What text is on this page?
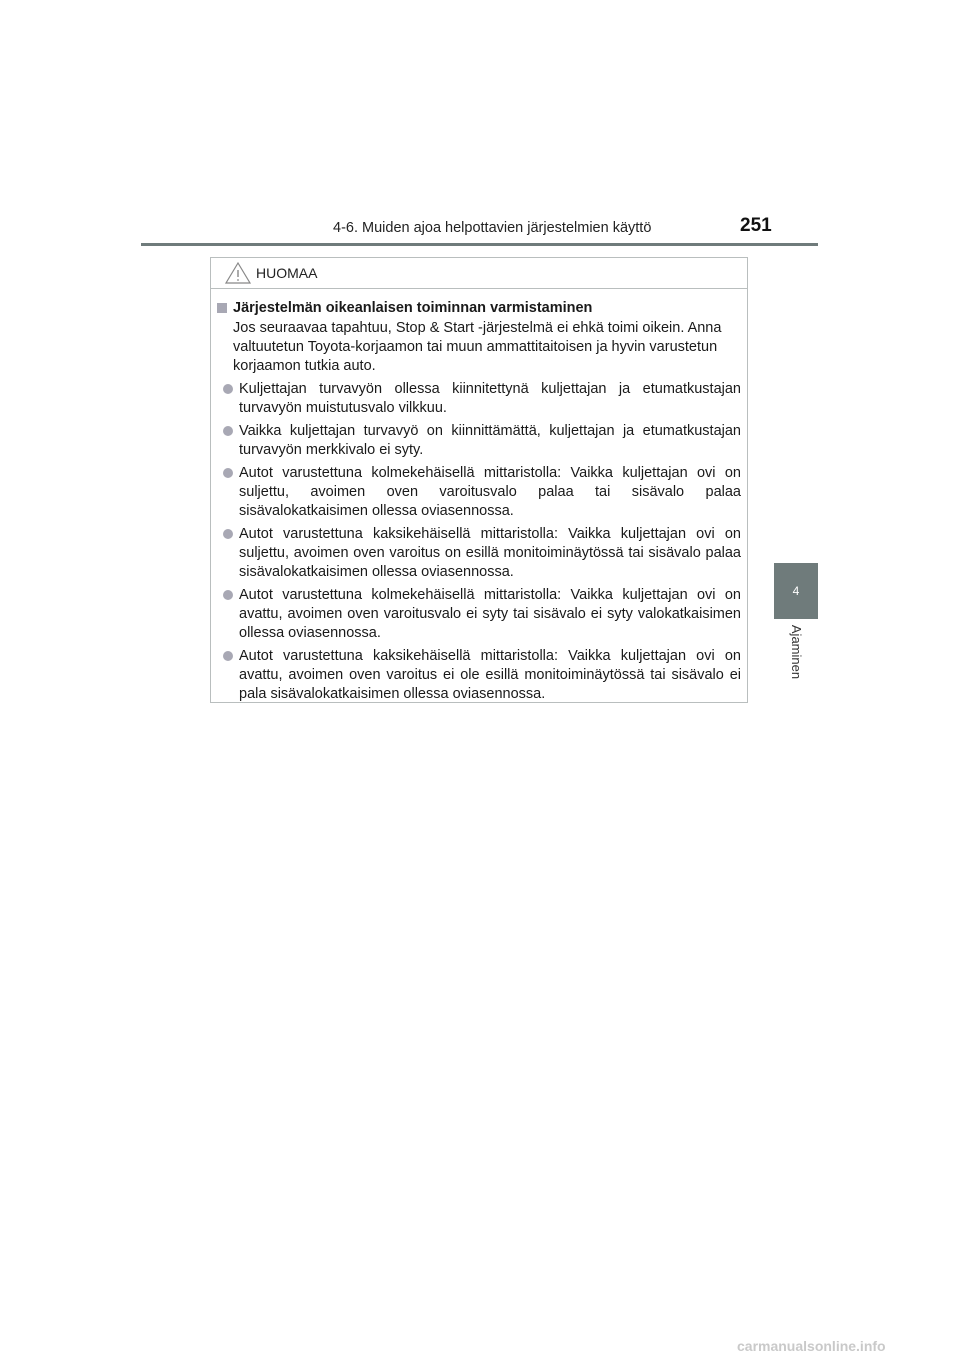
4-6. Muiden ajoa helpottavien järjestelmien käyttö	251
4
Ajaminen
HUOMAA
Järjestelmän oikeanlaisen toiminnan varmistaminen
Jos seuraavaa tapahtuu, Stop & Start -järjestelmä ei ehkä toimi oikein. Anna valtuutetun Toyota-korjaamon tai muun ammattitaitoisen ja hyvin varustetun korjaamon tutkia auto.
Kuljettajan turvavyön ollessa kiinnitettynä kuljettajan ja etumatkustajan turvavyön muistutusvalo vilkkuu.
Vaikka kuljettajan turvavyö on kiinnittämättä, kuljettajan ja etumatkustajan turvavyön merkkivalo ei syty.
Autot varustettuna kolmekehäisellä mittaristolla: Vaikka kuljettajan ovi on suljettu, avoimen oven varoitusvalo palaa tai sisävalo palaa sisävalokatkaisimen ollessa oviasennossa.
Autot varustettuna kaksikehäisellä mittaristolla: Vaikka kuljettajan ovi on suljettu, avoimen oven varoitus on esillä monitoiminäytössä tai sisävalo palaa sisävalokatkaisimen ollessa oviasennossa.
Autot varustettuna kolmekehäisellä mittaristolla: Vaikka kuljettajan ovi on avattu, avoimen oven varoitusvalo ei syty tai sisävalo ei syty valokatkaisimen ollessa oviasennossa.
Autot varustettuna kaksikehäisellä mittaristolla: Vaikka kuljettajan ovi on avattu, avoimen oven varoitus ei ole esillä monitoiminäytössä tai sisävalo ei pala sisävalokatkaisimen ollessa oviasennossa.
carmanualsonline.info
